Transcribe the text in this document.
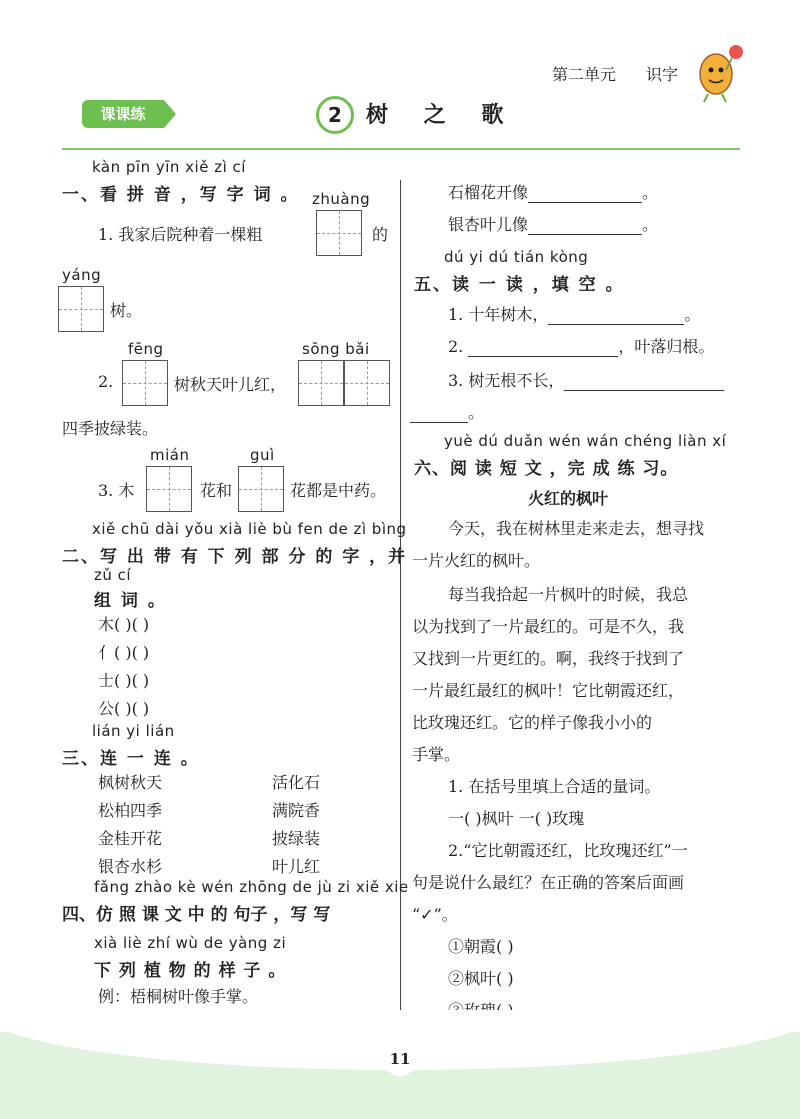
第二单元 识字
课课练	2	树 之 歌
kàn pīn yīn xiě zì cí
一、看 拼 音 ，写 字 词 。
1. 我家后院种着一棵粗
zhuàng
的
yáng
树。
2.
fēng
树秋天叶儿红，
sōng bǎi
四季披绿装。
3. 木
mián
花和
guì
花都是中药。
xiě chū dài yǒu xià liè bù fen de zì bìng
二、写 出 带 有 下 列 部 分 的 字 ，并
zǔ cí
组 词 。
木( )( )
亻( )( )
士( )( )
公( )( )
lián yi lián
三、连 一 连 。
枫树秋天
松柏四季
金桂开花
银杏水杉
活化石
满院香
披绿装
叶儿红
fǎng zhào kè wén zhōng de jù zi xiě xie
四、仿 照 课 文 中 的 句子 ，写 写
xià liè zhí wù de yàng zi
下 列 植 物 的 样 子 。
例：梧桐树叶像手掌。
石榴花开像	。
银杏叶儿像	。
dú yi dú tián kòng
五、读 一 读 ，填 空 。
1. 十年树木，	。
2.	，叶落归根。
3. 树无根不长，
。
yuè dú duǎn wén wán chéng liàn xí
六、阅 读 短 文 ，完 成 练 习。
火红的枫叶
今天，我在树林里走来走去，想寻找
一片火红的枫叶。
每当我拾起一片枫叶的时候，我总
以为找到了一片最红的。可是不久，我
又找到一片更红的。啊，我终于找到了
一片最红最红的枫叶！它比朝霞还红，
比玫瑰还红。它的样子像我小小的
手掌。
1. 在括号里填上合适的量词。
一( )枫叶 一( )玫瑰
2.“它比朝霞还红，比玫瑰还红”一
句是说什么最红？在正确的答案后面画
“✓”。
①朝霞( )
②枫叶( )
11
